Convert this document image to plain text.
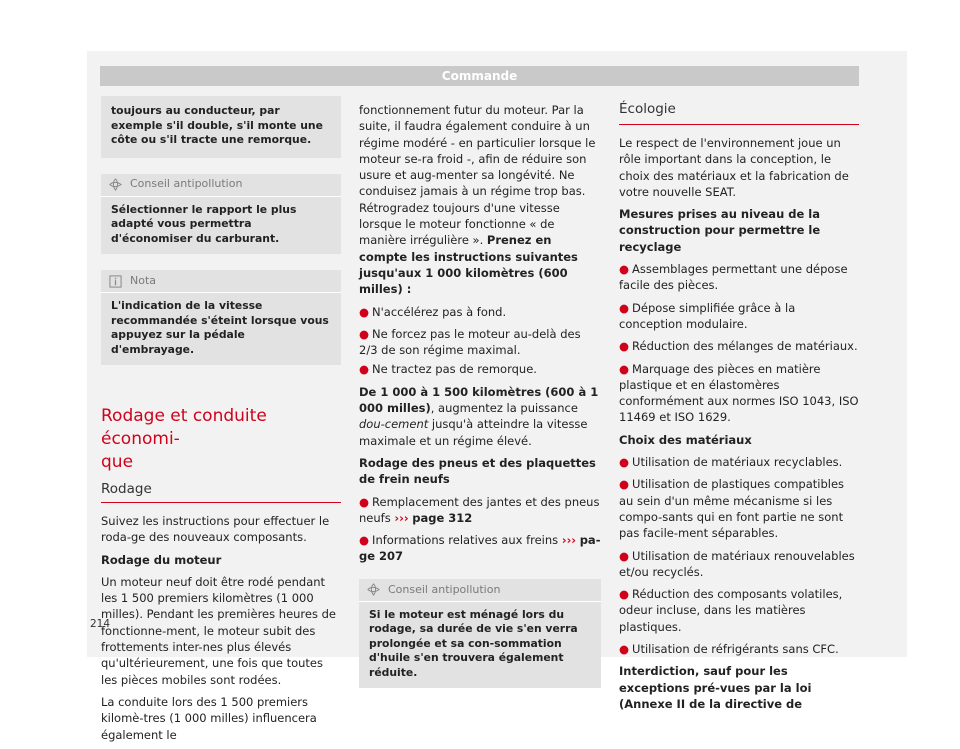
Commande
toujours au conducteur, par exemple s'il double, s'il monte une côte ou s'il tracte une remorque.
Conseil antipollution
Sélectionner le rapport le plus adapté vous permettra d'économiser du carburant.
Nota
L'indication de la vitesse recommandée s'éteint lorsque vous appuyez sur la pédale d'embrayage.
Rodage et conduite économi-
que
Rodage

Suivez les instructions pour effectuer le roda-ge des nouveaux composants.

Rodage du moteur

Un moteur neuf doit être rodé pendant les 1 500 premiers kilomètres (1 000 milles). Pendant les premières heures de fonctionne-ment, le moteur subit des frottements inter-nes plus élevés qu'ultérieurement, une fois que toutes les pièces mobiles sont rodées.

La conduite lors des 1 500 premiers kilomè-tres (1 000 milles) influencera également le

fonctionnement futur du moteur. Par la suite, il faudra également conduire à un régime modéré - en particulier lorsque le moteur se-ra froid -, afin de réduire son usure et aug-menter sa longévité. Ne conduisez jamais à un régime trop bas. Rétrogradez toujours d'une vitesse lorsque le moteur fonctionne « de manière irrégulière ». Prenez en compte les instructions suivantes jusqu'aux 1 000 kilomètres (600 milles) :

● N'accélérez pas à fond.
● Ne forcez pas le moteur au-delà des 2/3 de son régime maximal.
● Ne tractez pas de remorque.

De 1 000 à 1 500 kilomètres (600 à 1 000 milles), augmentez la puissance dou-cement jusqu'à atteindre la vitesse maximale et un régime élevé.

Rodage des pneus et des plaquettes de frein neufs

● Remplacement des jantes et des pneus neufs ››› page 312
● Informations relatives aux freins ››› pa-ge 207
Conseil antipollution
Si le moteur est ménagé lors du rodage, sa durée de vie s'en verra prolongée et sa con-sommation d'huile s'en trouvera également réduite.
Écologie

Le respect de l'environnement joue un rôle important dans la conception, le choix des matériaux et la fabrication de votre nouvelle SEAT.

Mesures prises au niveau de la construction pour permettre le recyclage

● Assemblages permettant une dépose facile des pièces.
● Dépose simplifiée grâce à la conception modulaire.
● Réduction des mélanges de matériaux.
● Marquage des pièces en matière plastique et en élastomères conformément aux normes ISO 1043, ISO 11469 et ISO 1629.

Choix des matériaux

● Utilisation de matériaux recyclables.
● Utilisation de plastiques compatibles au sein d'un même mécanisme si les compo-sants qui en font partie ne sont pas facile-ment séparables.
● Utilisation de matériaux renouvelables et/ou recyclés.
● Réduction des composants volatiles, odeur incluse, dans les matières plastiques.
● Utilisation de réfrigérants sans CFC.

Interdiction, sauf pour les exceptions pré-vues par la loi (Annexe II de la directive de

214
